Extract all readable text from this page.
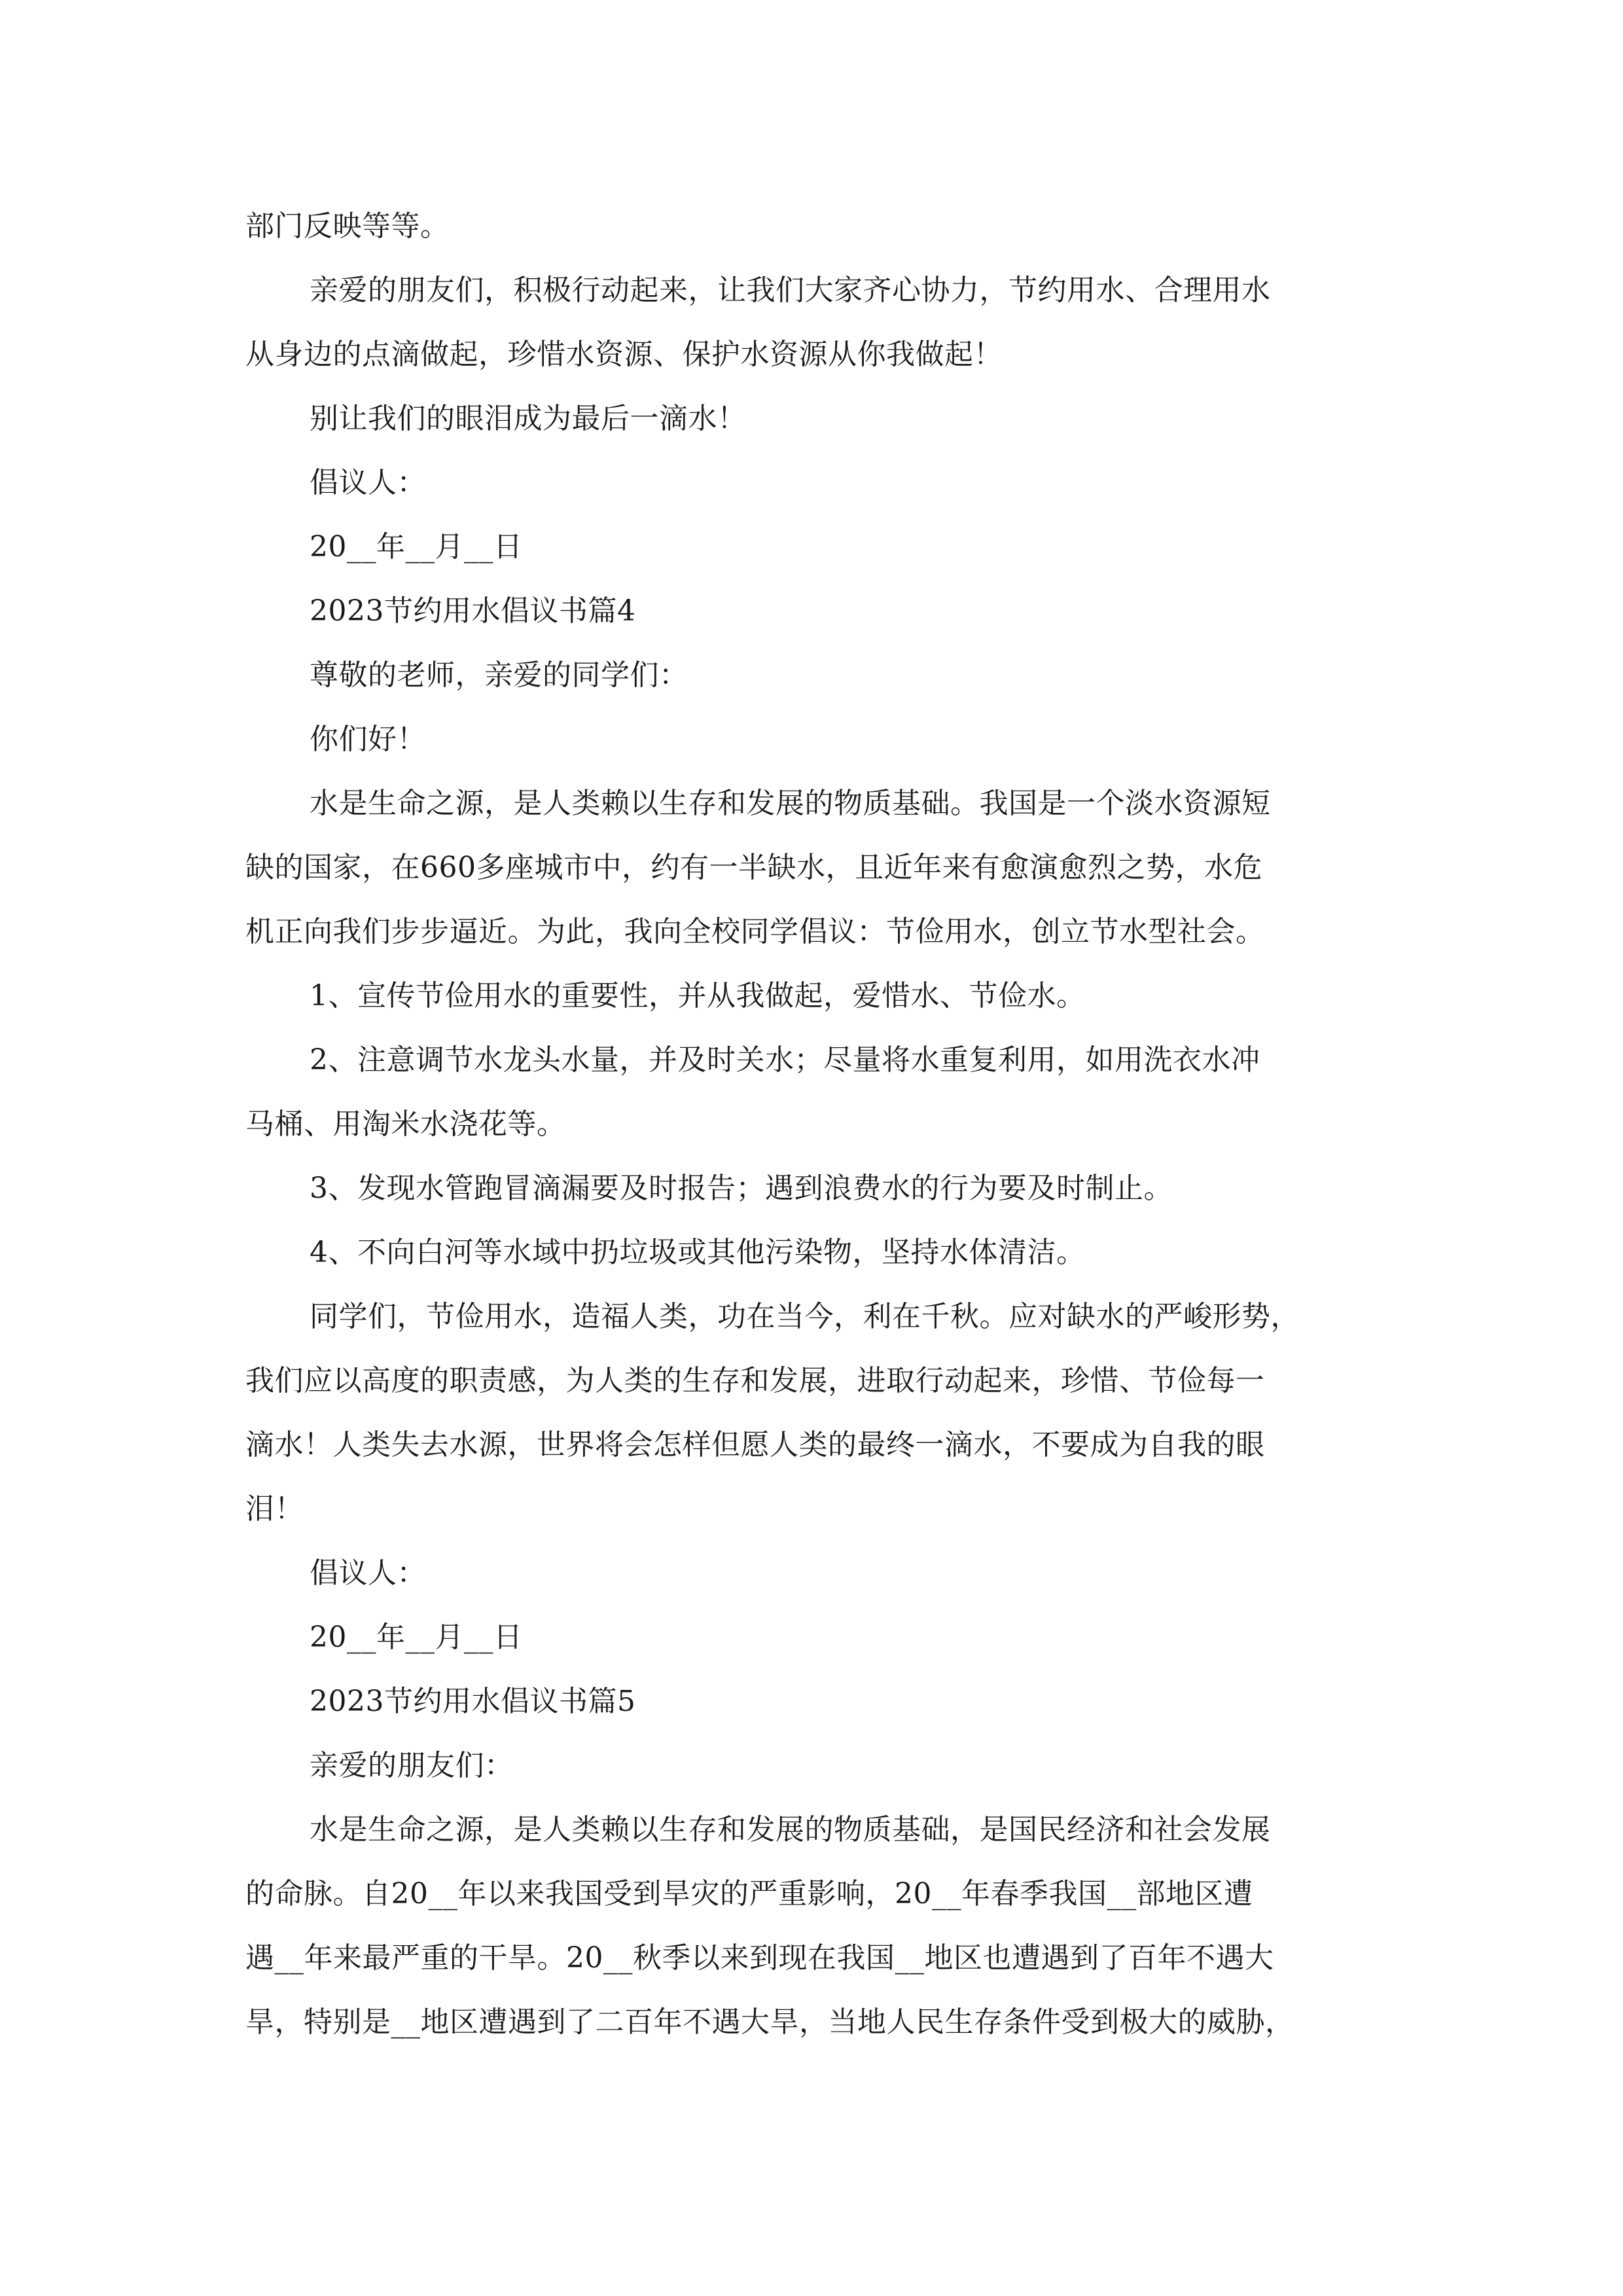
部门反映等等。
亲爱的朋友们，积极行动起来，让我们大家齐心协力，节约用水、合理用水
从身边的点滴做起，珍惜水资源、保护水资源从你我做起！
别让我们的眼泪成为最后一滴水！
倡议人：
20__年__月__日
2023节约用水倡议书篇4
尊敬的老师，亲爱的同学们：
你们好！
水是生命之源，是人类赖以生存和发展的物质基础。我国是一个淡水资源短
缺的国家，在660多座城市中，约有一半缺水，且近年来有愈演愈烈之势，水危
机正向我们步步逼近。为此，我向全校同学倡议：节俭用水，创立节水型社会。
1、宣传节俭用水的重要性，并从我做起，爱惜水、节俭水。
2、注意调节水龙头水量，并及时关水；尽量将水重复利用，如用洗衣水冲
马桶、用淘米水浇花等。
3、发现水管跑冒滴漏要及时报告；遇到浪费水的行为要及时制止。
4、不向白河等水域中扔垃圾或其他污染物，坚持水体清洁。
同学们，节俭用水，造福人类，功在当今，利在千秋。应对缺水的严峻形势，
我们应以高度的职责感，为人类的生存和发展，进取行动起来，珍惜、节俭每一
滴水！人类失去水源，世界将会怎样但愿人类的最终一滴水，不要成为自我的眼
泪！
倡议人：
20__年__月__日
2023节约用水倡议书篇5
亲爱的朋友们：
水是生命之源，是人类赖以生存和发展的物质基础，是国民经济和社会发展
的命脉。自20__年以来我国受到旱灾的严重影响，20__年春季我国__部地区遭
遇__年来最严重的干旱。20__秋季以来到现在我国__地区也遭遇到了百年不遇大
旱，特别是__地区遭遇到了二百年不遇大旱，当地人民生存条件受到极大的威胁，
